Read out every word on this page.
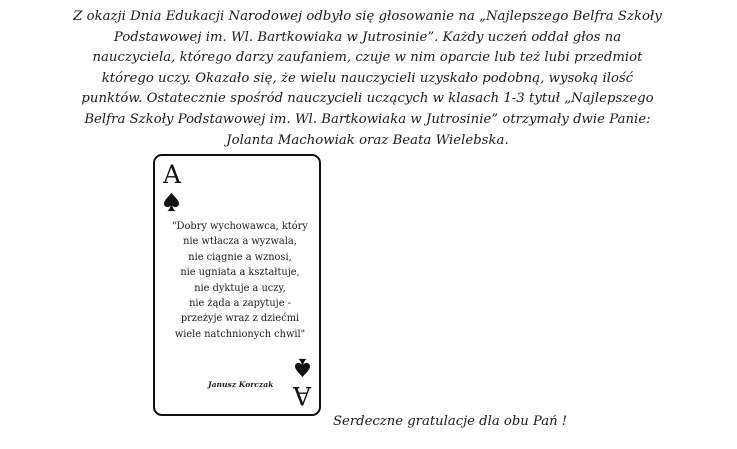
Z okazji Dnia Edukacji Narodowej odbyło się głosowanie na „Najlepszego Belfra Szkoły
Podstawowej im. Wl. Bartkowiaka w Jutrosinie”. Każdy uczeń oddał głos na
nauczyciela, którego darzy zaufaniem, czuje w nim oparcie lub też lubi przedmiot
którego uczy. Okazało się, że wielu nauczycieli uzyskało podobną, wysoką ilość
punktów. Ostatecznie spośród nauczycieli uczących w klasach 1-3 tytuł „Najlepszego
Belfra Szkoły Podstawowej im. Wl. Bartkowiaka w Jutrosinie” otrzymały dwie Panie:
Jolanta Machowiak oraz Beata Wielebska.
A
"Dobry wychowawca, który
nie wtłacza a wyzwala,
nie ciągnie a wznosi,
nie ugniata a kształtuje,
nie dyktuje a uczy,
nie żąda a zapytuje -
przeżyje wraz z dziećmi
wiele natchnionych chwil"

Janusz Korczak A

Serdeczne gratulacje dla obu Pań !
